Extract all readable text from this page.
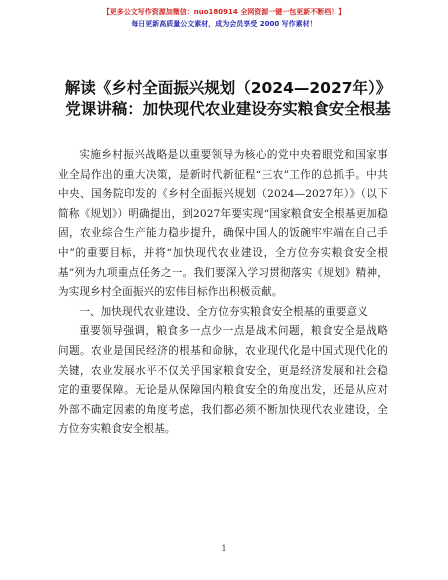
【更多公文写作资源加微信：nuo180914 全网资源一键一包更新不断档！】
每日更新高质量公文素材，成为会员享受 2000 写作素材！
解读《乡村全面振兴规划（2024—2027年）》党课讲稿：加快现代农业建设夯实粮食安全根基

实施乡村振兴战略是以重要领导为核心的党中央着眼党和国家事业全局作出的重大决策，是新时代新征程“三农”工作的总抓手。中共中央、国务院印发的《乡村全面振兴规划（2024—2027年）》（以下简称《规划》）明确提出，到2027年要实现“国家粮食安全根基更加稳固，农业综合生产能力稳步提升，确保中国人的饭碗牢牢端在自己手中”的重要目标，并将“加快现代农业建设，全方位夯实粮食安全根基”列为九项重点任务之一。我们要深入学习贯彻落实《规划》精神，为实现乡村全面振兴的宏伟目标作出积极贡献。

一、加快现代农业建设、全方位夯实粮食安全根基的重要意义

重要领导强调，粮食多一点少一点是战术问题，粮食安全是战略问题。农业是国民经济的根基和命脉，农业现代化是中国式现代化的关键，农业发展水平不仅关乎国家粮食安全，更是经济发展和社会稳定的重要保障。无论是从保障国内粮食安全的角度出发，还是从应对外部不确定因素的角度考虑，我们都必须不断加快现代农业建设，全方位夯实粮食安全根基。

1
